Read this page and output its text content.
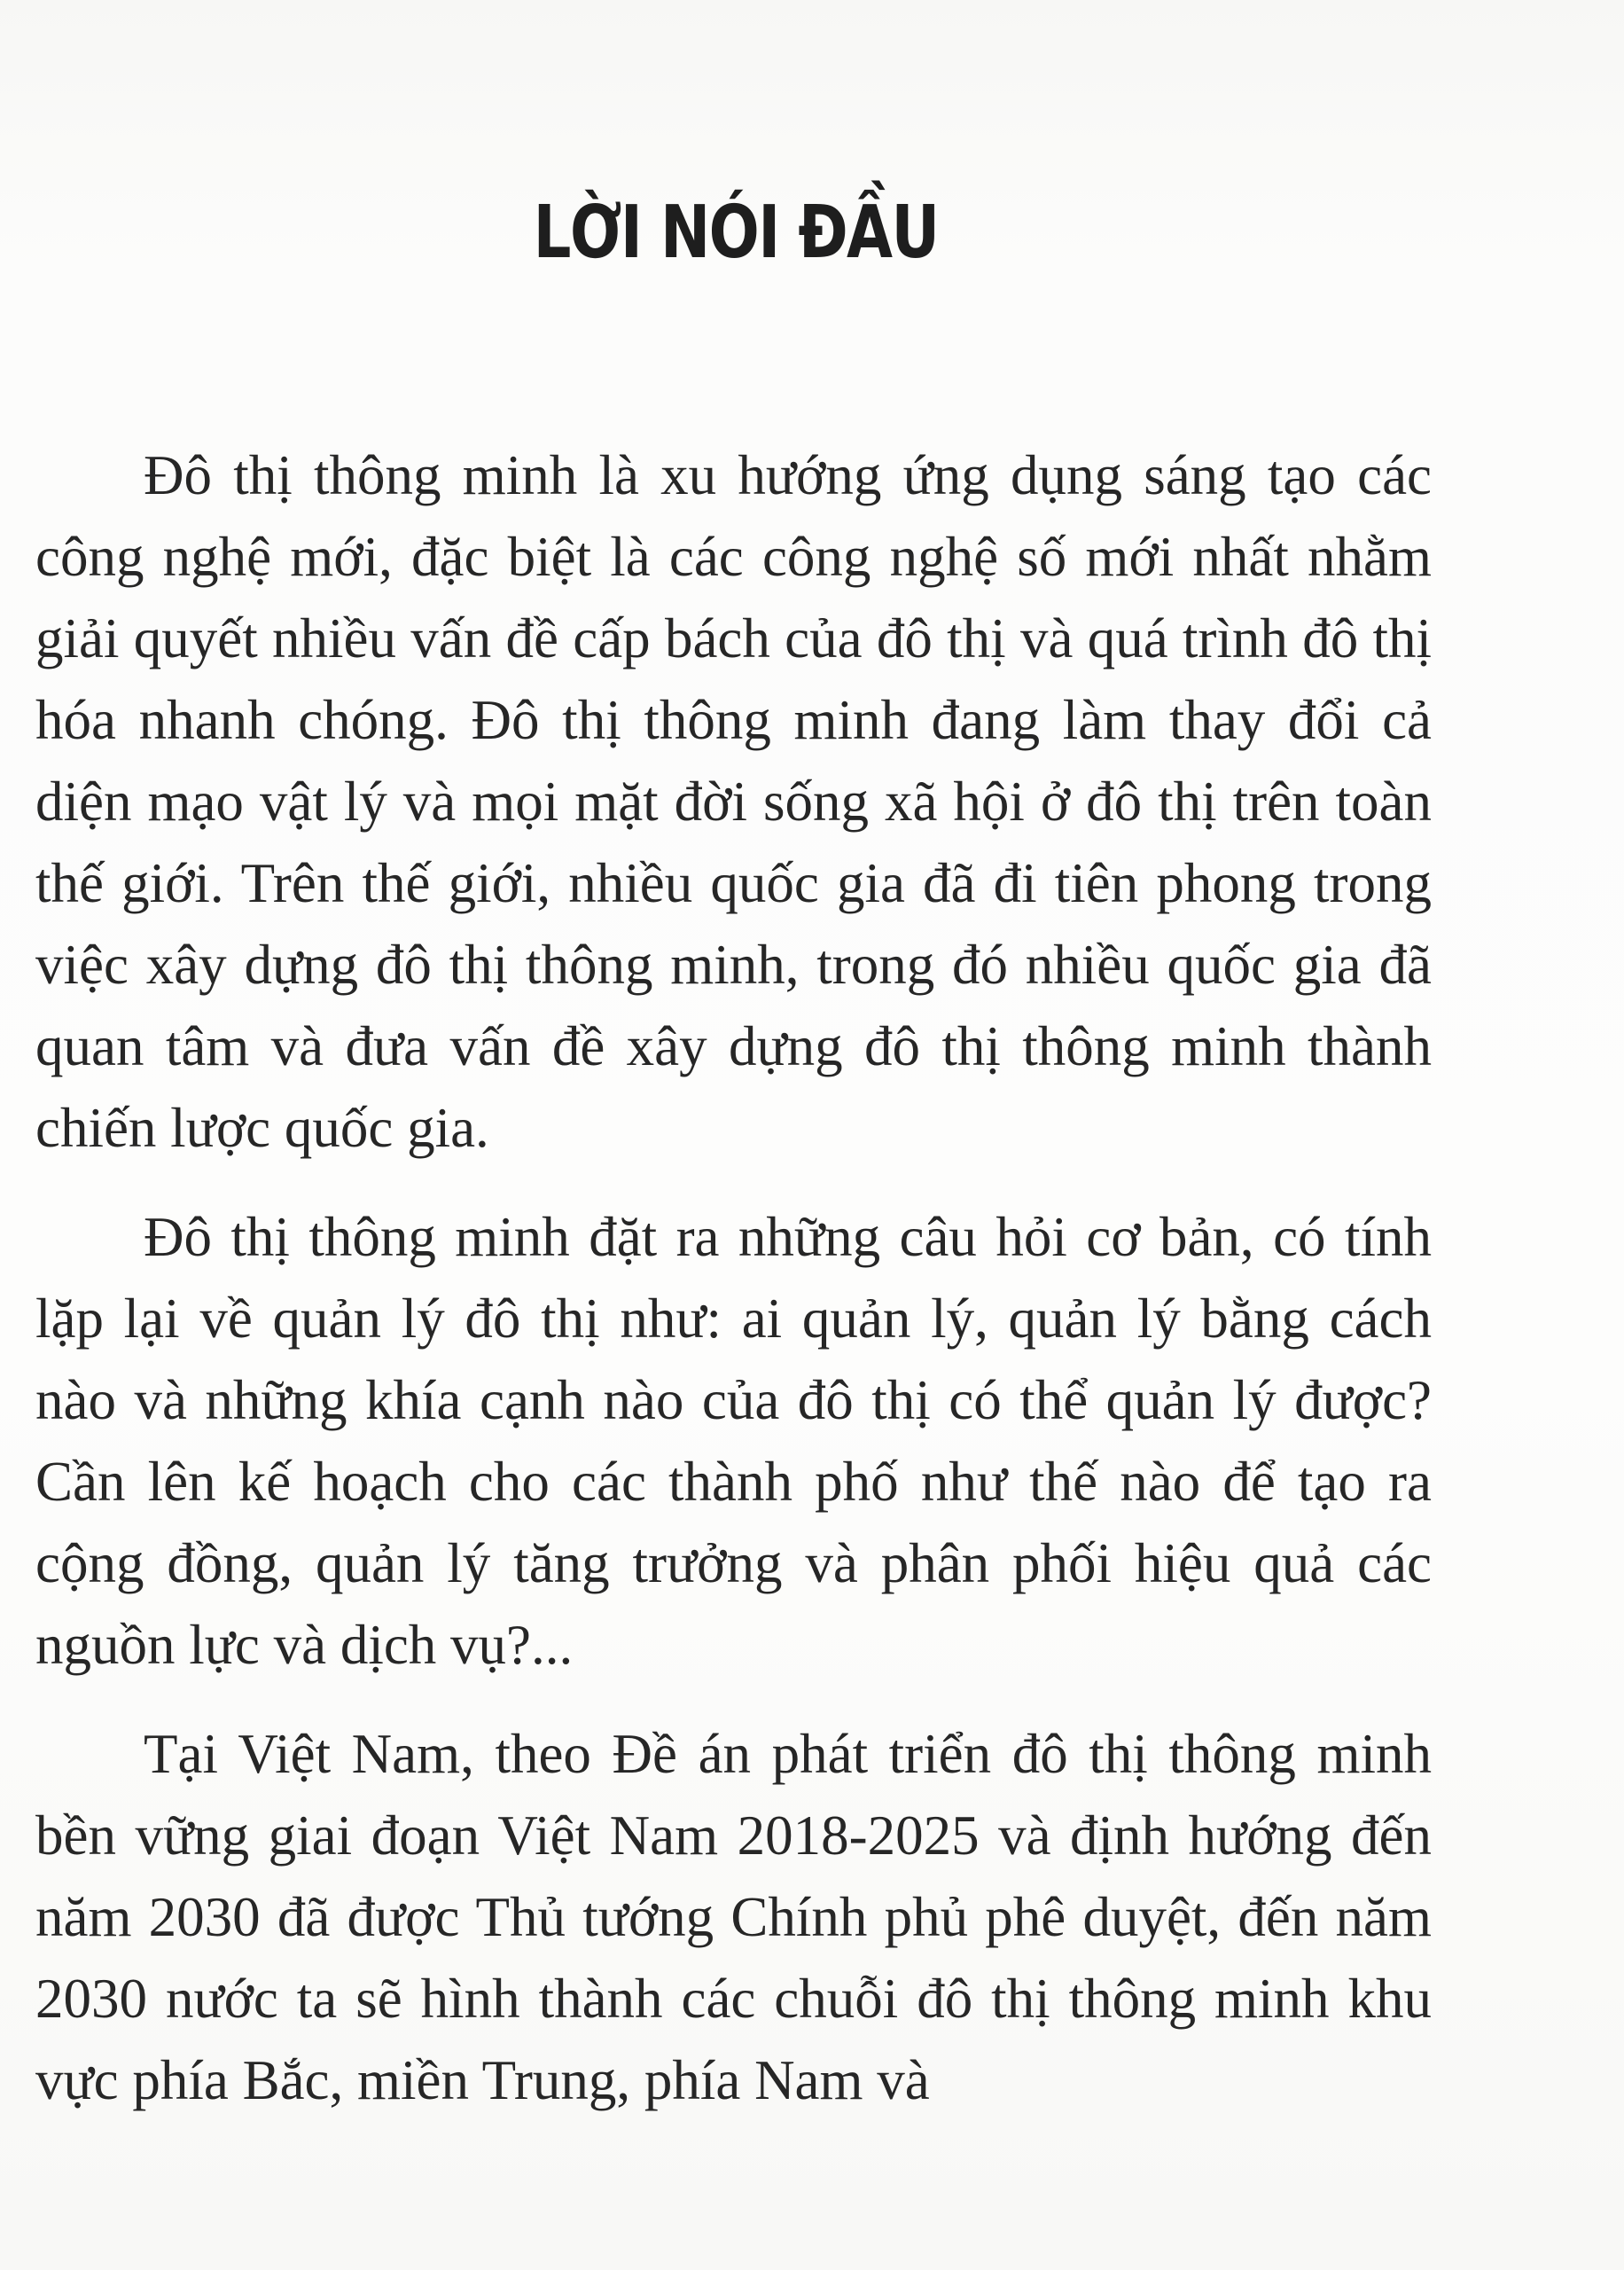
LỜI NÓI ĐẦU

Đô thị thông minh là xu hướng ứng dụng sáng tạo các công nghệ mới, đặc biệt là các công nghệ số mới nhất nhằm giải quyết nhiều vấn đề cấp bách của đô thị và quá trình đô thị hóa nhanh chóng. Đô thị thông minh đang làm thay đổi cả diện mạo vật lý và mọi mặt đời sống xã hội ở đô thị trên toàn thế giới. Trên thế giới, nhiều quốc gia đã đi tiên phong trong việc xây dựng đô thị thông minh, trong đó nhiều quốc gia đã quan tâm và đưa vấn đề xây dựng đô thị thông minh thành chiến lược quốc gia.

Đô thị thông minh đặt ra những câu hỏi cơ bản, có tính lặp lại về quản lý đô thị như: ai quản lý, quản lý bằng cách nào và những khía cạnh nào của đô thị có thể quản lý được? Cần lên kế hoạch cho các thành phố như thế nào để tạo ra cộng đồng, quản lý tăng trưởng và phân phối hiệu quả các nguồn lực và dịch vụ?...

Tại Việt Nam, theo Đề án phát triển đô thị thông minh bền vững giai đoạn Việt Nam 2018-2025 và định hướng đến năm 2030 đã được Thủ tướng Chính phủ phê duyệt, đến năm 2030 nước ta sẽ hình thành các chuỗi đô thị thông minh khu vực phía Bắc, miền Trung, phía Nam và
